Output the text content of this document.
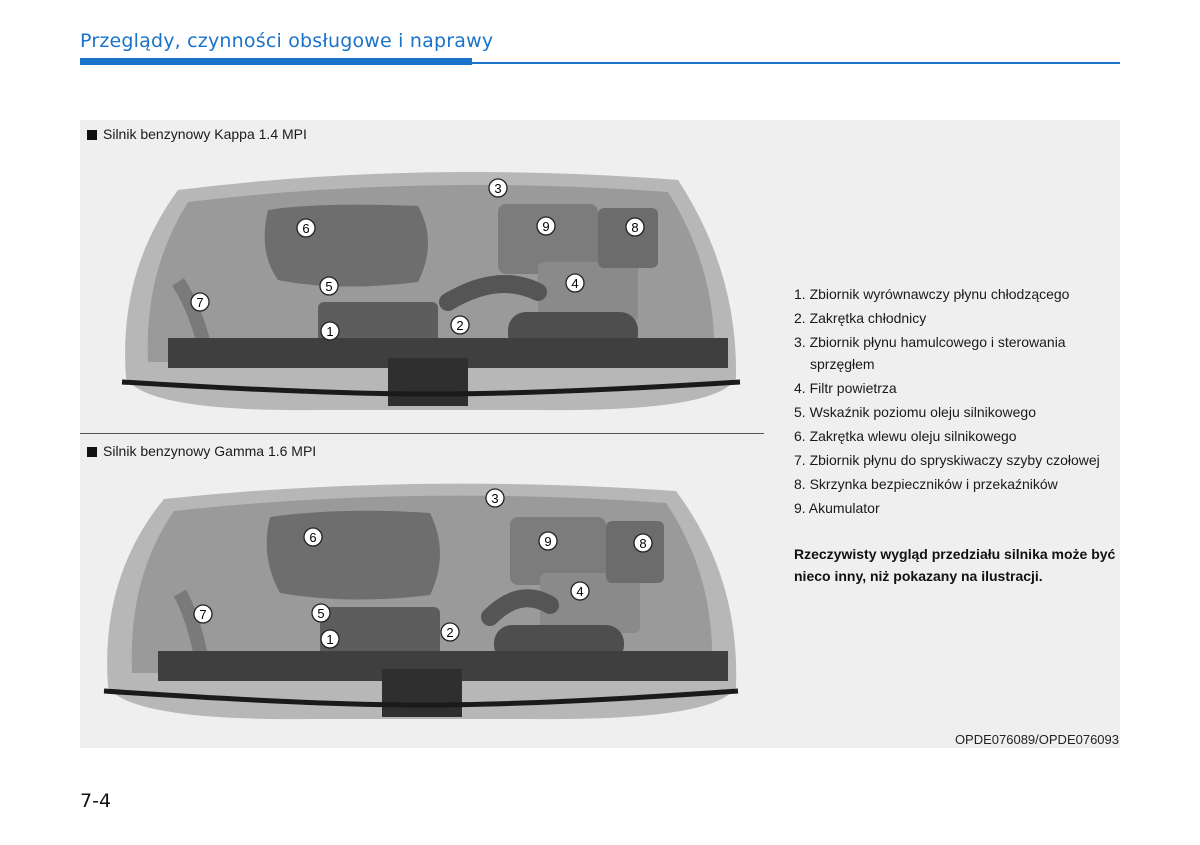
Przeglądy, czynności obsługowe i naprawy
Silnik benzynowy Kappa 1.4 MPI
6
3
9	8
4
5
7
2
1
Silnik benzynowy Gamma 1.6 MPI
6
3
9	8
4
5
7
2
1
1. Zbiornik wyrównawczy płynu chłodzącego
2. Zakrętka chłodnicy
3. Zbiornik płynu hamulcowego i sterowania sprzęgłem
4. Filtr powietrza
5. Wskaźnik poziomu oleju silnikowego
6. Zakrętka wlewu oleju silnikowego
7. Zbiornik płynu do spryskiwaczy szyby czołowej
8. Skrzynka bezpieczników i przekaźników
9. Akumulator
Rzeczywisty wygląd przedziału silnika może być nieco inny, niż pokazany na ilustracji.
OPDE076089/OPDE076093
7-4
